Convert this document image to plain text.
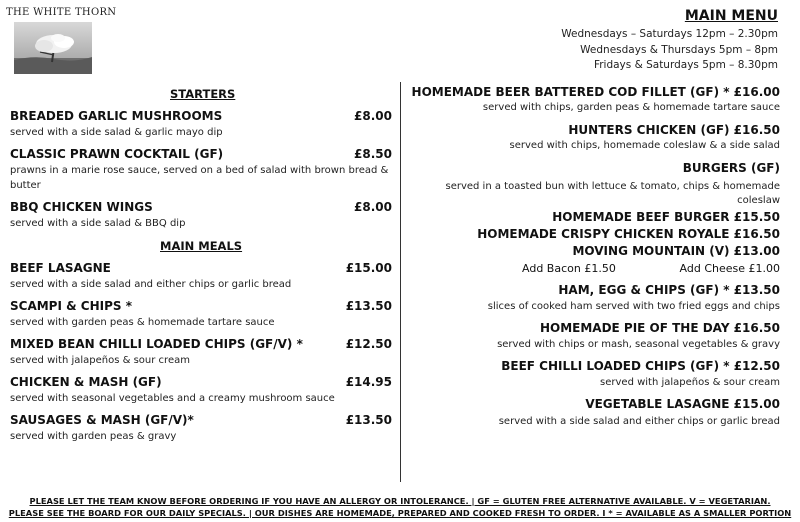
THE WHITE THORN	MAIN MENU
Wednesdays – Saturdays 12pm – 2.30pm
Wednesdays & Thursdays 5pm – 8pm
Fridays & Saturdays 5pm – 8.30pm
STARTERS
BREADED GARLIC MUSHROOMS	£8.00
served with a side salad & garlic mayo dip
CLASSIC PRAWN COCKTAIL (GF)	£8.50
prawns in a marie rose sauce, served on a bed of salad with brown bread & butter
BBQ CHICKEN WINGS	£8.00
served with a side salad & BBQ dip
MAIN MEALS
BEEF LASAGNE	£15.00
served with a side salad and either chips or garlic bread
SCAMPI & CHIPS *	£13.50
served with garden peas & homemade tartare sauce
MIXED BEAN CHILLI LOADED CHIPS (GF/V) *	£12.50
served with jalapeños & sour cream
CHICKEN & MASH (GF)	£14.95
served with seasonal vegetables and a creamy mushroom sauce
SAUSAGES & MASH (GF/V)*	£13.50
served with garden peas & gravy
HOMEMADE BEER BATTERED COD FILLET (GF) * £16.00
served with chips, garden peas & homemade tartare sauce
HUNTERS CHICKEN (GF) £16.50
served with chips, homemade coleslaw & a side salad
BURGERS (GF)
served in a toasted bun with lettuce & tomato, chips & homemade coleslaw
HOMEMADE BEEF BURGER £15.50
HOMEMADE CRISPY CHICKEN ROYALE £16.50
MOVING MOUNTAIN (V) £13.00
Add Bacon £1.50	Add Cheese £1.00
HAM, EGG & CHIPS (GF) * £13.50
slices of cooked ham served with two fried eggs and chips
HOMEMADE PIE OF THE DAY £16.50
served with chips or mash, seasonal vegetables & gravy
BEEF CHILLI LOADED CHIPS (GF) * £12.50
served with jalapeños & sour cream
VEGETABLE LASAGNE £15.00
served with a side salad and either chips or garlic bread
PLEASE LET THE TEAM KNOW BEFORE ORDERING IF YOU HAVE AN ALLERGY OR INTOLERANCE. | GF = GLUTEN FREE ALTERNATIVE AVAILABLE. V = VEGETARIAN.
PLEASE SEE THE BOARD FOR OUR DAILY SPECIALS. | OUR DISHES ARE HOMEMADE, PREPARED AND COOKED FRESH TO ORDER. I * = AVAILABLE AS A SMALLER PORTION
